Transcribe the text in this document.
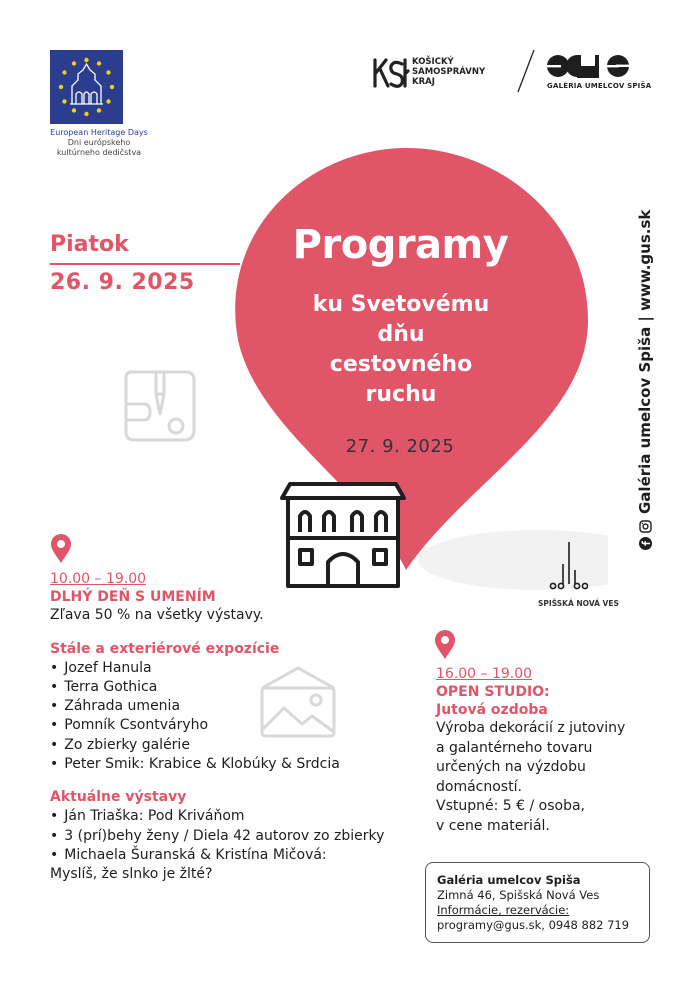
European Heritage Days
Dni európskeho
kultúrneho dedičstva
KOŠICKÝ
SAMOSPRÁVNY
KRAJ	GALÉRIA UMELCOV SPIŠA
Piatok
26. 9. 2025
Programy
ku Svetovému
dňu
cestovného
ruchu
27. 9. 2025	Galéria umelcov Spiša | www.gus.sk
SPIŠSKÁ NOVÁ VES
10.00 – 19.00
DLHÝ DEŇ S UMENÍM
Zľava 50 % na všetky výstavy.
Stále a exteriérové expozície
• Jozef Hanula
• Terra Gothica
• Záhrada umenia
• Pomník Csontváryho
• Zo zbierky galérie
• Peter Smik: Krabice & Klobúky & Srdcia
Aktuálne výstavy
• Ján Triaška: Pod Kriváňom
• 3 (prí)behy ženy / Diela 42 autorov zo zbierky
• Michaela Šuranská & Kristína Mičová:
Myslíš, že slnko je žlté?
16.00 – 19.00
OPEN STUDIO:
Jutová ozdoba
Výroba dekorácií z jutoviny
a galantérneho tovaru
určených na výzdobu
domácností.
Vstupné: 5 € / osoba,
v cene materiál.
Galéria umelcov Spiša
Zimná 46, Spišská Nová Ves
Informácie, rezervácie:
programy@gus.sk, 0948 882 719
